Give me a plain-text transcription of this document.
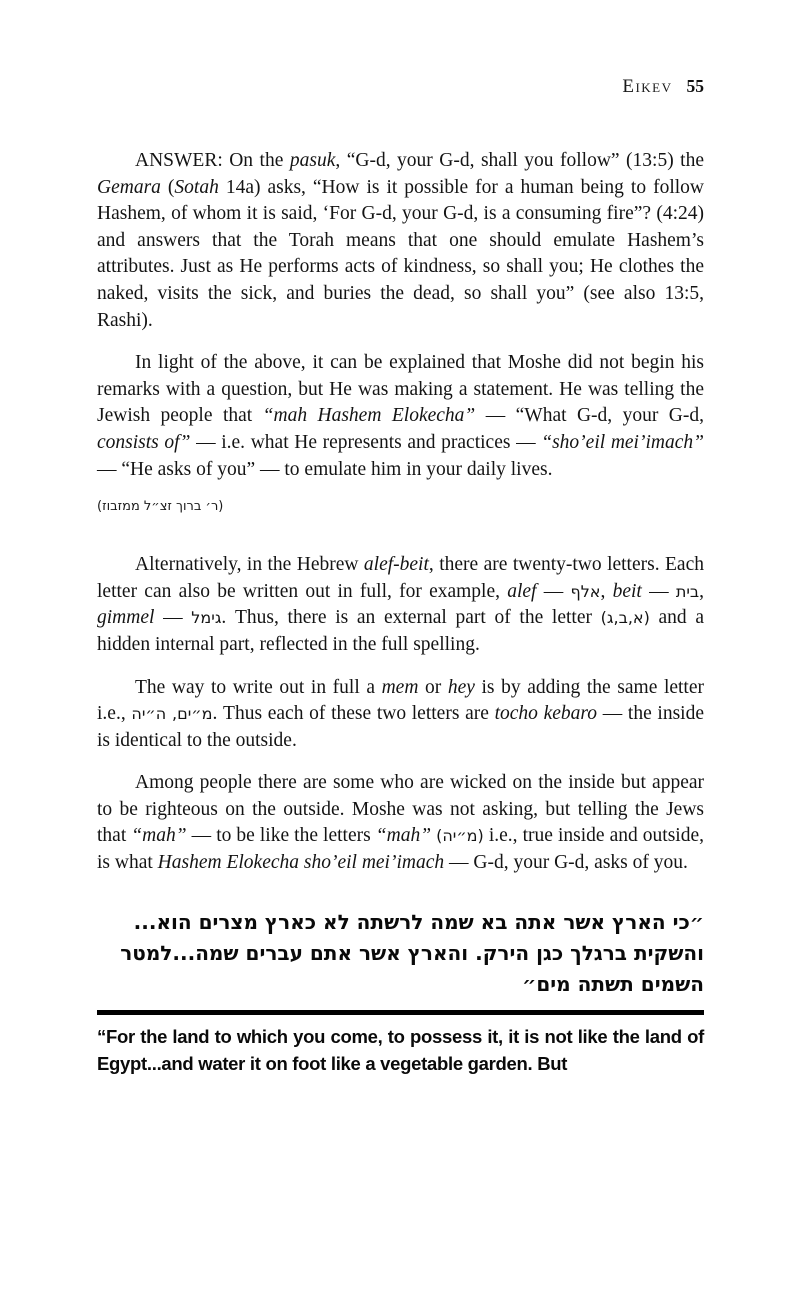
Eikev 55

ANSWER: On the pasuk, “G-d, your G-d, shall you follow” (13:5) the Gemara (Sotah 14a) asks, “How is it possible for a human being to follow Hashem, of whom it is said, ‘For G-d, your G-d, is a consuming fire”? (4:24) and answers that the Torah means that one should emulate Hashem’s attributes. Just as He performs acts of kindness, so shall you; He clothes the naked, visits the sick, and buries the dead, so shall you” (see also 13:5, Rashi).

In light of the above, it can be explained that Moshe did not begin his remarks with a question, but He was making a statement. He was telling the Jewish people that “mah Hashem Elokecha” — “What G-d, your G-d, consists of” — i.e. what He represents and practices — “sho’eil mei’imach” — “He asks of you” — to emulate him in your daily lives.

(ר׳ ברוך זצ״ל ממזבוז)

Alternatively, in the Hebrew alef-beit, there are twenty-two letters. Each letter can also be written out in full, for example, alef — אלף, beit — בית, gimmel — גימל. Thus, there is an external part of the letter (א,ב,ג) and a hidden internal part, reflected in the full spelling.

The way to write out in full a mem or hey is by adding the same letter i.e., מ״ים, ה״יה. Thus each of these two letters are tocho kebaro — the inside is identical to the outside.

Among people there are some who are wicked on the inside but appear to be righteous on the outside. Moshe was not asking, but telling the Jews that “mah” — to be like the letters “mah” (מ״יה) i.e., true inside and outside, is what Hashem Elokecha sho’eil mei’imach — G-d, your G-d, asks of you.

״כי הארץ אשר אתה בא שמה לרשתה לא כארץ מצרים הוא...
והשקית ברגלך כגן הירק. והארץ אשר אתם עברים שמה...למטר
השמים תשתה מים״
“For the land to which you come, to possess it, it is not like the land of Egypt...and water it on foot like a vegetable garden. But
